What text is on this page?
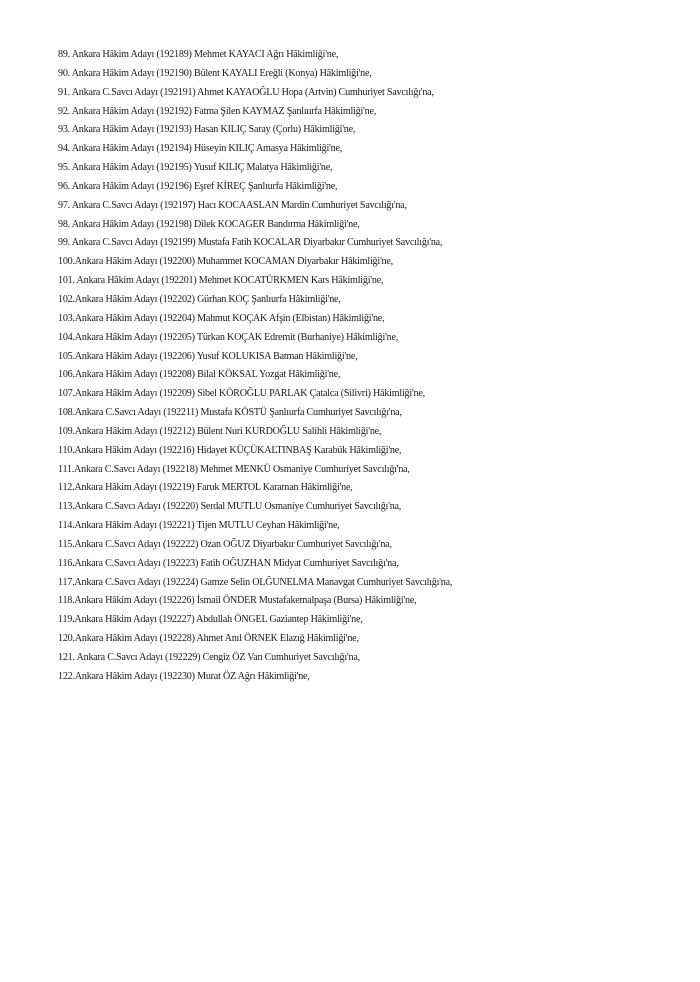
89. Ankara Hâkim Adayı (192189) Mehmet KAYACI Ağrı Hâkimliği'ne,
90. Ankara Hâkim Adayı (192190) Bülent KAYALI Ereğli (Konya) Hâkimliği'ne,
91. Ankara C.Savcı Adayı (192191) Ahmet KAYAOĞLU Hopa (Artvin) Cumhuriyet Savcılığı'na,
92. Ankara Hâkim Adayı (192192) Fatma Şilen KAYMAZ Şanlıurfa Hâkimliği'ne,
93. Ankara Hâkim Adayı (192193) Hasan KILIÇ Saray (Çorlu) Hâkimliği'ne,
94. Ankara Hâkim Adayı (192194) Hüseyin KILIÇ Amasya Hâkimliği'ne,
95. Ankara Hâkim Adayı (192195) Yusuf KILIÇ Malatya Hâkimliği'ne,
96. Ankara Hâkim Adayı (192196) Eşref KİREÇ Şanlıurfa Hâkimliği'ne,
97. Ankara C.Savcı Adayı (192197) Hacı KOCAASLAN Mardin Cumhuriyet Savcılığı'na,
98. Ankara Hâkim Adayı (192198) Dilek KOCAGER Bandırma Hâkimliği'ne,
99. Ankara C.Savcı Adayı (192199) Mustafa Fatih KOCALAR Diyarbakır Cumhuriyet Savcılığı'na,
100.Ankara Hâkim Adayı (192200) Muhammet KOCAMAN Diyarbakır Hâkimliği'ne,
101. Ankara Hâkim Adayı (192201) Mehmet KOCATÜRKMEN Kars Hâkimliği'ne,
102.Ankara Hâkim Adayı (192202) Gürhan KOÇ Şanlıurfa Hâkimliği'ne,
103.Ankara Hâkim Adayı (192204) Mahmut KOÇAK Afşin (Elbistan) Hâkimliği'ne,
104.Ankara Hâkim Adayı (192205) Türkan KOÇAK Edremit (Burhaniye) Hâkimliği'ne,
105.Ankara Hâkim Adayı (192206) Yusuf KOLUKISA Batman Hâkimliği'ne,
106.Ankara Hâkim Adayı (192208) Bilal KÖKSAL Yozgat Hâkimliği'ne,
107.Ankara Hâkim Adayı (192209) Sibel KÖROĞLU PARLAK Çatalca (Silivri) Hâkimliği'ne,
108.Ankara C.Savcı Adayı (192211) Mustafa KÖSTÜ Şanlıurfa Cumhuriyet Savcılığı'na,
109.Ankara Hâkim Adayı (192212) Bülent Nuri KURDOĞLU Salihli Hâkimliği'ne,
110.Ankara Hâkim Adayı (192216) Hidayet KÜÇÜKALTINBAŞ Karabük Hâkimliği'ne,
111.Ankara C.Savcı Adayı (192218) Mehmet MENKÜ Osmaniye Cumhuriyet Savcılığı'na,
112.Ankara Hâkim Adayı (192219) Faruk MERTOL Karaman Hâkimliği'ne,
113.Ankara C.Savcı Adayı (192220) Serdal MUTLU Osmaniye Cumhuriyet Savcılığı'na,
114.Ankara Hâkim Adayı (192221) Tijen MUTLU Ceyhan Hâkimliği'ne,
115.Ankara C.Savcı Adayı (192222) Ozan OĞUZ Diyarbakır Cumhuriyet Savcılığı'na,
116.Ankara C.Savcı Adayı (192223) Fatih OĞUZHAN Midyat Cumhuriyet Savcılığı'na,
117.Ankara C.Savcı Adayı (192224) Gamze Selin OLĞUNELMA Manavgat Cumhuriyet Savcılığı'na,
118.Ankara Hâkim Adayı (192226) İsmail ÖNDER Mustafakemalpaşa (Bursa) Hâkimliği'ne,
119.Ankara Hâkim Adayı (192227) Abdullah ÖNGEL Gaziantep Hâkimliği'ne,
120.Ankara Hâkim Adayı (192228) Ahmet Anıl ÖRNEK Elazığ Hâkimliği'ne,
121. Ankara C.Savcı Adayı (192229) Cengiz ÖZ Van Cumhuriyet Savcılığı'na,
122.Ankara Hâkim Adayı (192230) Murat ÖZ Ağrı Hâkimliği'ne,
